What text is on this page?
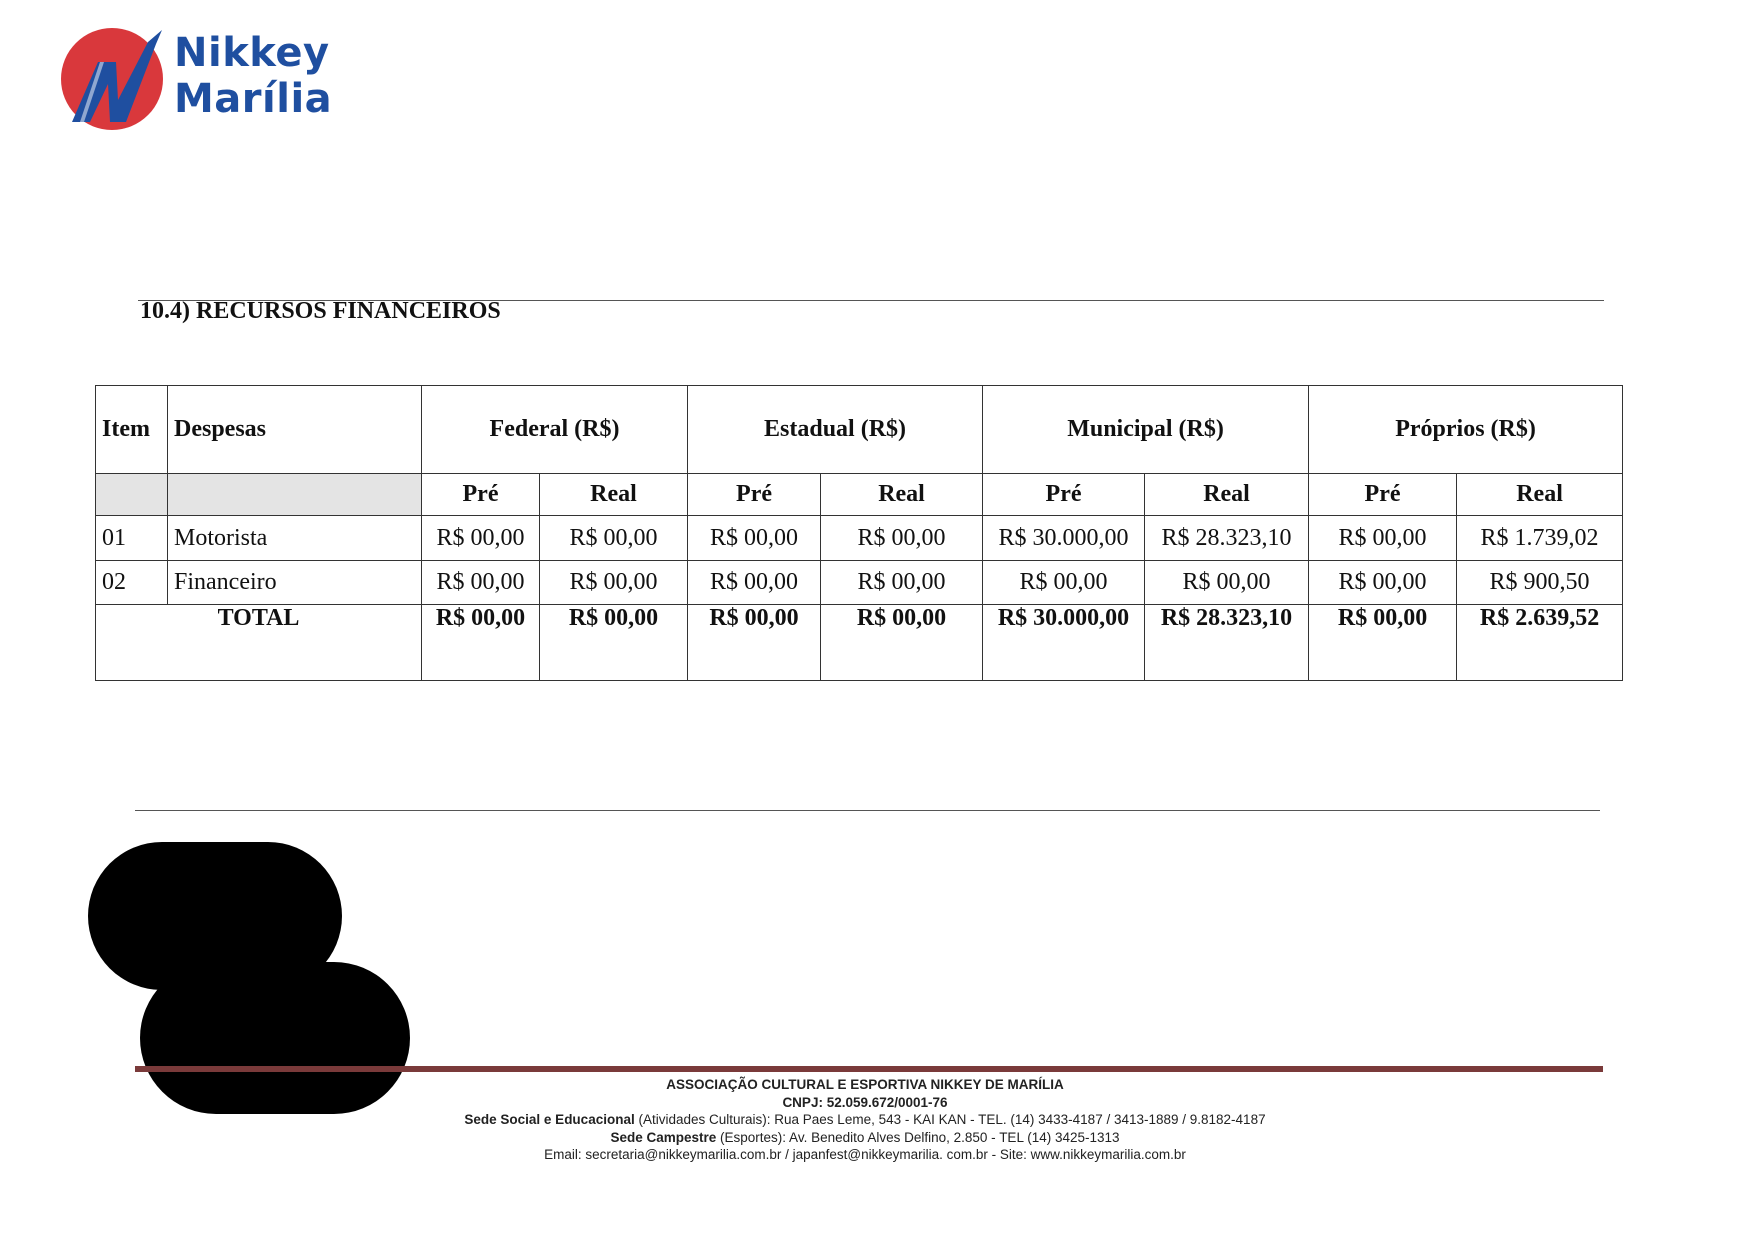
Nikkey
Marília
10.4) RECURSOS FINANCEIROS
Item	Despesas	Federal (R$)		Estadual (R$)		Municipal (R$)		Próprios (R$)	
		Pré	Real	Pré	Real	Pré	Real	Pré	Real
01	Motorista	R$ 00,00	R$ 00,00	R$ 00,00	R$ 00,00	R$ 30.000,00	R$ 28.323,10	R$ 00,00	R$ 1.739,02
02	Financeiro	R$ 00,00	R$ 00,00	R$ 00,00	R$ 00,00	R$ 00,00	R$ 00,00	R$ 00,00	R$ 900,50
TOTAL		R$ 00,00	R$ 00,00	R$ 00,00	R$ 00,00	R$ 30.000,00	R$ 28.323,10	R$ 00,00	R$ 2.639,52
ASSOCIAÇÃO CULTURAL E ESPORTIVA NIKKEY DE MARÍLIA
CNPJ: 52.059.672/0001-76
Sede Social e Educacional (Atividades Culturais): Rua Paes Leme, 543 - KAI KAN - TEL. (14) 3433-4187 / 3413-1889 / 9.8182-4187
Sede Campestre (Esportes): Av. Benedito Alves Delfino, 2.850 - TEL (14) 3425-1313
Email: secretaria@nikkeymarilia.com.br / japanfest@nikkeymarilia. com.br - Site: www.nikkeymarilia.com.br
